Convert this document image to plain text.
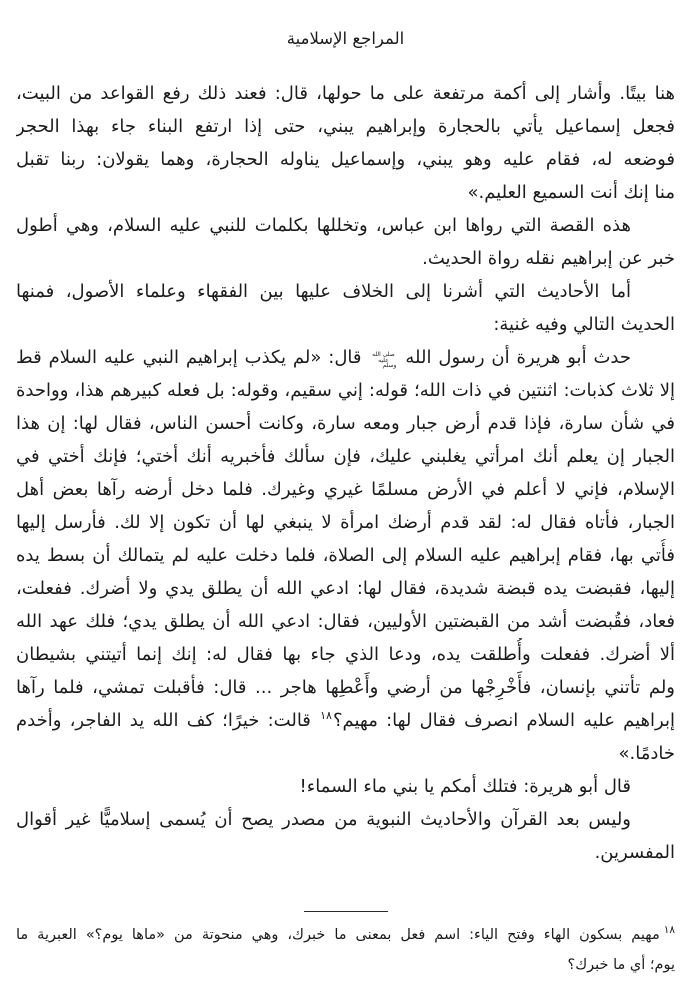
المراجع الإسلامية
هنا بيتًا. وأشار إلى أكمة مرتفعة على ما حولها، قال: فعند ذلك رفع القواعد من البيت،
فجعل إسماعيل يأتي بالحجارة وإبراهيم يبني، حتى إذا ارتفع البناء جاء بهذا الحجر
فوضعه له، فقام عليه وهو يبني، وإسماعيل يناوله الحجارة، وهما يقولان: ربنا تقبل
منا إنك أنت السميع العليم.»
هذه القصة التي رواها ابن عباس، وتخللها بكلمات للنبي عليه السلام، وهي أطول
خبر عن إبراهيم نقله رواة الحديث.
أما الأحاديث التي أشرنا إلى الخلاف عليها بين الفقهاء وعلماء الأصول، فمنها
الحديث التالي وفيه غنية:
حدث أبو هريرة أن رسول الله صلى الله عليه وسلم قال: «لم يكذب إبراهيم النبي عليه السلام قط
إلا ثلاث كذبات: اثنتين في ذات الله؛ قوله: إني سقيم، وقوله: بل فعله كبيرهم هذا، وواحدة
في شأن سارة، فإذا قدم أرض جبار ومعه سارة، وكانت أحسن الناس، فقال لها: إن هذا
الجبار إن يعلم أنك امرأتي يغلبني عليك، فإن سألك فأخبريه أنك أختي؛ فإنك أختي في
الإسلام، فإني لا أعلم في الأرض مسلمًا غيري وغيرك. فلما دخل أرضه رآها بعض أهل
الجبار، فأتاه فقال له: لقد قدم أرضك امرأة لا ينبغي لها أن تكون إلا لك. فأرسل إليها
فأُتي بها، فقام إبراهيم عليه السلام إلى الصلاة، فلما دخلت عليه لم يتمالك أن بسط يده
إليها، فقبضت يده قبضة شديدة، فقال لها: ادعي الله أن يطلق يدي ولا أضرك. ففعلت،
فعاد، فقُبضت أشد من القبضتين الأوليين، فقال: ادعي الله أن يطلق يدي؛ فلك عهد الله
ألا أضرك. ففعلت وأُطلقت يده، ودعا الذي جاء بها فقال له: إنك إنما أتيتني بشيطان
ولم تأتني بإنسان، فأَخْرِجْها من أرضي وأَعْطِها هاجر ... قال: فأقبلت تمشي، فلما رآها
إبراهيم عليه السلام انصرف فقال لها: مهيم؟$^{١٨}$ قالت: خيرًا؛ كف الله يد الفاجر، وأخدم
خادمًا.»
قال أبو هريرة: فتلك أمكم يا بني ماء السماء!
وليس بعد القرآن والأحاديث النبوية من مصدر يصح أن يُسمى إسلاميًّا غير أقوال
المفسرين.
$^{١٨}$مهيم بسكون الهاء وفتح الياء: اسم فعل بمعنى ما خبرك، وهي منحوتة من «ماها يوم؟» العبرية ما
يوم؛ أي ما خبرك؟
